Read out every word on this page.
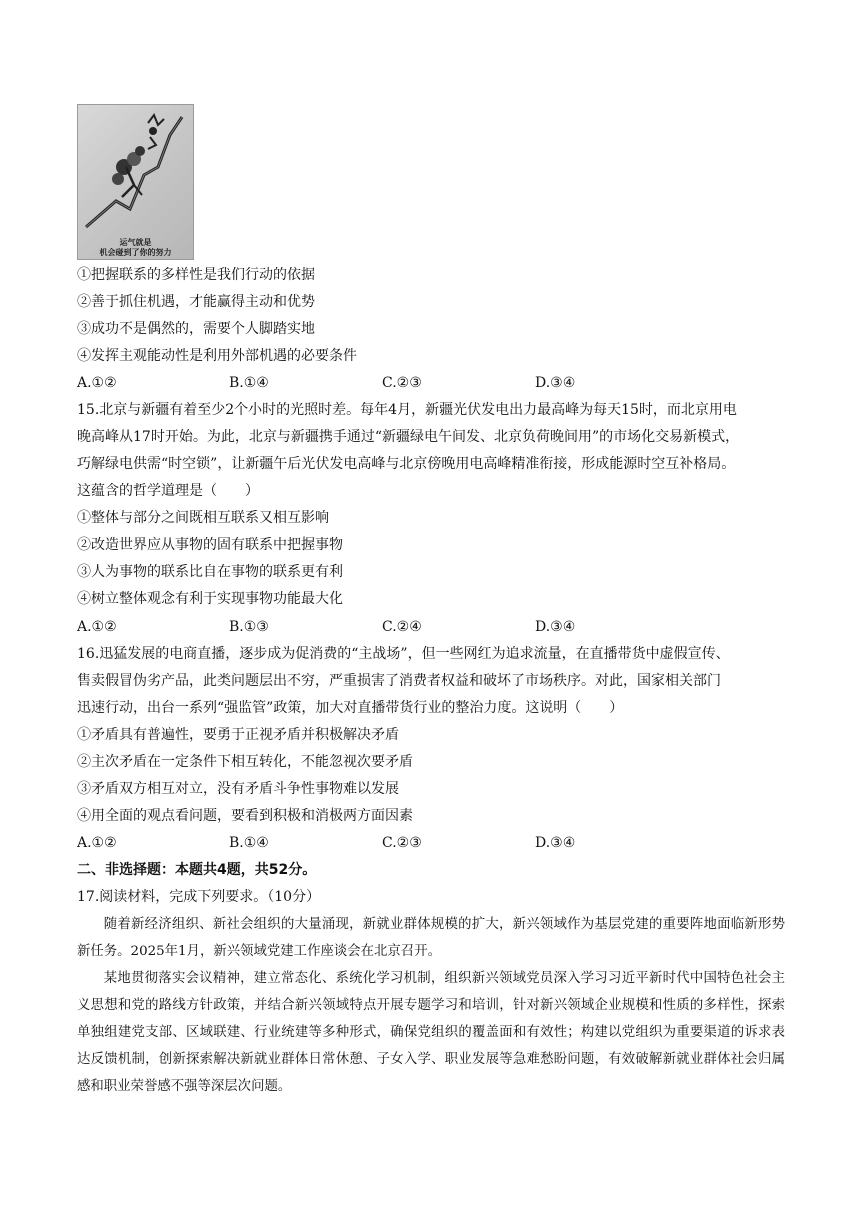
运气就是
机会碰到了你的努力
①把握联系的多样性是我们行动的依据
②善于抓住机遇，才能赢得主动和优势
③成功不是偶然的，需要个人脚踏实地
④发挥主观能动性是利用外部机遇的必要条件
A.①②	B.①④	C.②③	D.③④
15.北京与新疆有着至少2个小时的光照时差。每年4月，新疆光伏发电出力最高峰为每天15时，而北京用电
晚高峰从17时开始。为此，北京与新疆携手通过“新疆绿电午间发、北京负荷晚间用”的市场化交易新模式，
巧解绿电供需“时空锁”，让新疆午后光伏发电高峰与北京傍晚用电高峰精准衔接，形成能源时空互补格局。
这蕴含的哲学道理是（　　）
①整体与部分之间既相互联系又相互影响
②改造世界应从事物的固有联系中把握事物
③人为事物的联系比自在事物的联系更有利
④树立整体观念有利于实现事物功能最大化
A.①②	B.①③	C.②④	D.③④
16.迅猛发展的电商直播，逐步成为促消费的“主战场”，但一些网红为追求流量，在直播带货中虚假宣传、
售卖假冒伪劣产品，此类问题层出不穷，严重损害了消费者权益和破坏了市场秩序。对此，国家相关部门
迅速行动，出台一系列“强监管”政策，加大对直播带货行业的整治力度。这说明（　　）
①矛盾具有普遍性，要勇于正视矛盾并积极解决矛盾
②主次矛盾在一定条件下相互转化，不能忽视次要矛盾
③矛盾双方相互对立，没有矛盾斗争性事物难以发展
④用全面的观点看问题，要看到积极和消极两方面因素
A.①②	B.①④	C.②③	D.③④
二、非选择题：本题共4题，共52分。
17.阅读材料，完成下列要求。（10分）
随着新经济组织、新社会组织的大量涌现，新就业群体规模的扩大，新兴领域作为基层党建的重要阵地面临新形势新任务。2025年1月，新兴领域党建工作座谈会在北京召开。
某地贯彻落实会议精神，建立常态化、系统化学习机制，组织新兴领域党员深入学习习近平新时代中国特色社会主义思想和党的路线方针政策，并结合新兴领域特点开展专题学习和培训，针对新兴领域企业规模和性质的多样性，探索单独组建党支部、区域联建、行业统建等多种形式，确保党组织的覆盖面和有效性；构建以党组织为重要渠道的诉求表达反馈机制，创新探索解决新就业群体日常休憩、子女入学、职业发展等急难愁盼问题，有效破解新就业群体社会归属感和职业荣誉感不强等深层次问题。
